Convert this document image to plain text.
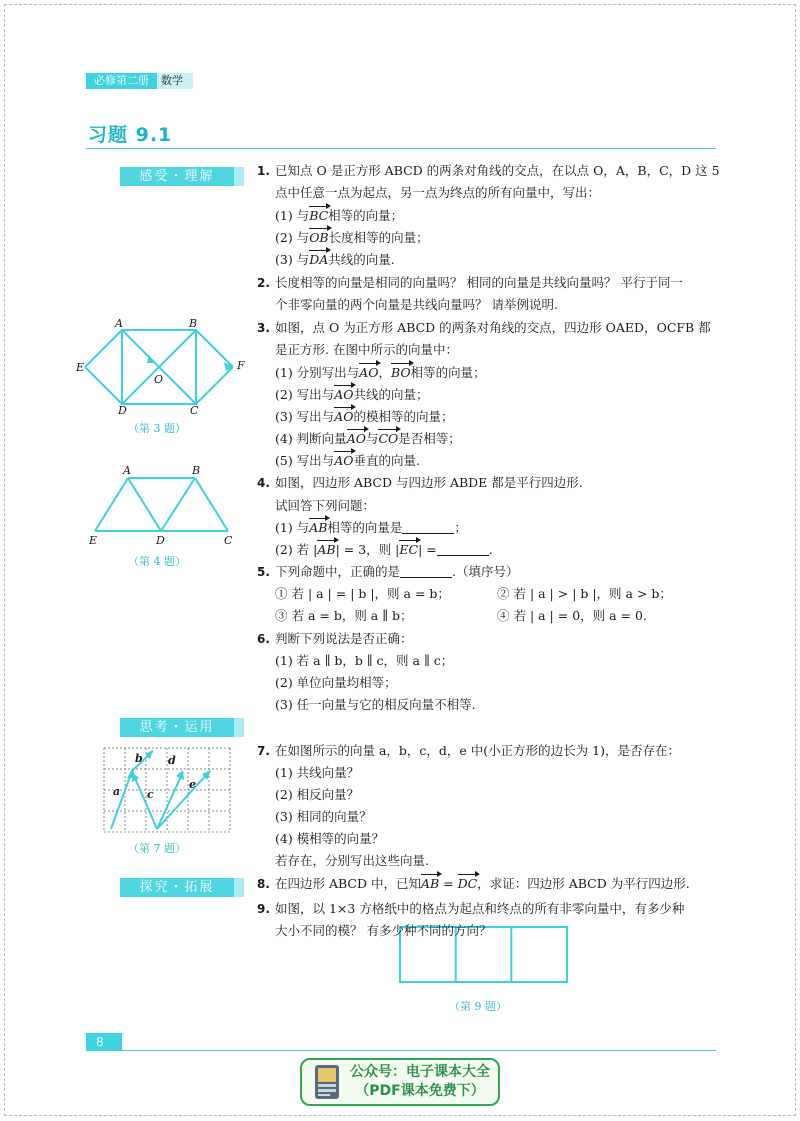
必修第二册	数学
习题 9.1
感受・理解
思考・运用
探究・拓展
A	B
E
O
F
D	C
（第 3 题）
A	B
E	D	C
（第 4 题）
b d
a c
e
（第 7 题）
（第 9 题）
1. 已知点 O 是正方形 ABCD 的两条对角线的交点，在以点 O，A，B，C，D 这 5
点中任意一点为起点，另一点为终点的所有向量中，写出：
(1) 与BC相等的向量；
(2) 与OB长度相等的向量；
(3) 与DA共线的向量.
2. 长度相等的向量是相同的向量吗？ 相同的向量是共线向量吗？ 平行于同一
个非零向量的两个向量是共线向量吗？ 请举例说明.
3. 如图，点 O 为正方形 ABCD 的两条对角线的交点，四边形 OAED，OCFB 都
是正方形. 在图中所示的向量中：
(1) 分别写出与AO，BO相等的向量；
(2) 写出与AO共线的向量；
(3) 写出与AO的模相等的向量；
(4) 判断向量AO与CO是否相等；
(5) 写出与AO垂直的向量.
4. 如图，四边形 ABCD 与四边形 ABDE 都是平行四边形.
试回答下列问题：
(1) 与AB相等的向量是	；
(2) 若 |AB| = 3，则 |EC| =	.
5. 下列命题中，正确的是	.（填序号）
① 若 | a | = | b |，则 a = b；	② 若 | a | > | b |，则 a > b；
③ 若 a = b，则 a ∥ b；	④ 若 | a | = 0，则 a = 0.
6. 判断下列说法是否正确：
(1) 若 a ∥ b，b ∥ c，则 a ∥ c；
(2) 单位向量均相等；
(3) 任一向量与它的相反向量不相等.
7. 在如图所示的向量 a，b，c，d，e 中(小正方形的边长为 1)，是否存在：
(1) 共线向量？
(2) 相反向量？
(3) 相同的向量？
(4) 模相等的向量？
若存在，分别写出这些向量.
8. 在四边形 ABCD 中，已知AB = DC，求证：四边形 ABCD 为平行四边形.
9. 如图，以 1×3 方格纸中的格点为起点和终点的所有非零向量中，有多少种
大小不同的模？ 有多少种不同的方向？
8
公众号：电子课本大全
（PDF课本免费下）
